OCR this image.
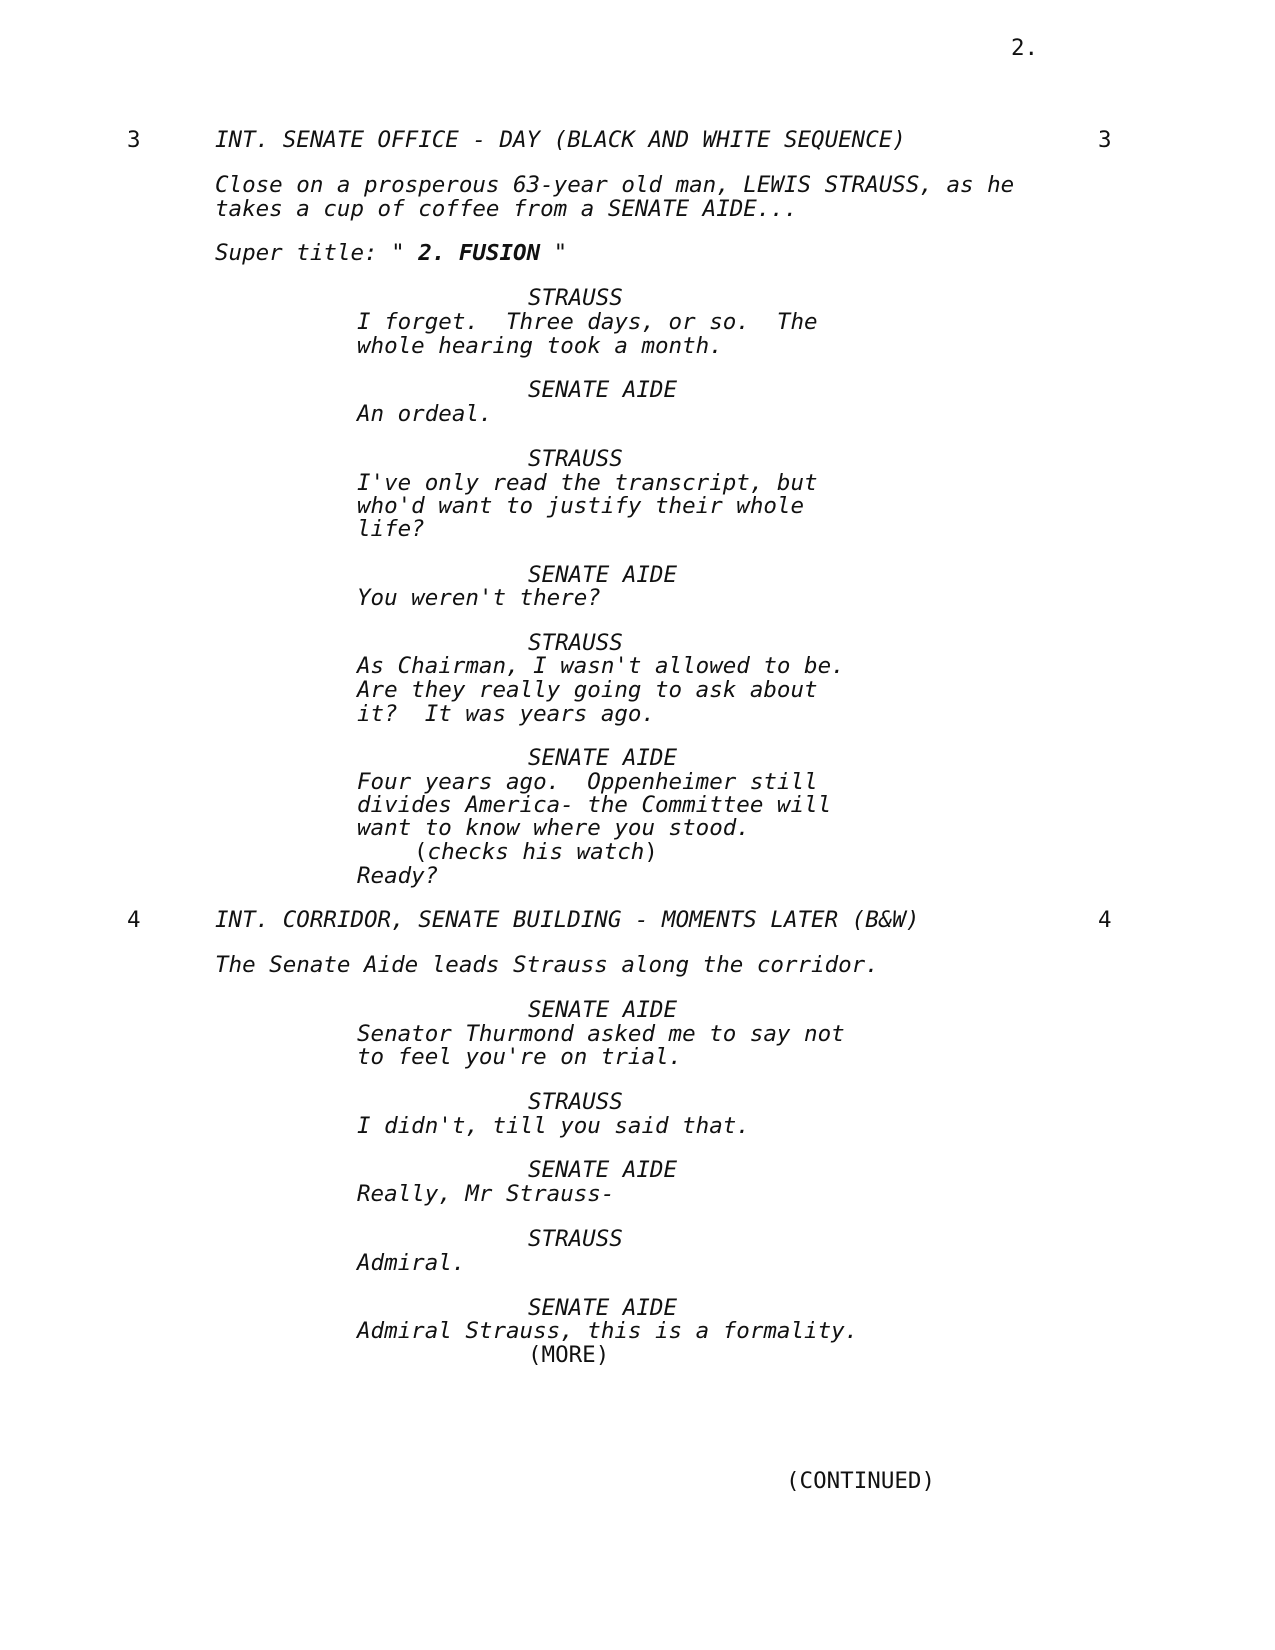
2.
3	INT. SENATE OFFICE - DAY (BLACK AND WHITE SEQUENCE)	3
Close on a prosperous 63-year old man, LEWIS STRAUSS, as he
takes a cup of coffee from a SENATE AIDE...
Super title: " 2. FUSION "
STRAUSS
I forget.  Three days, or so.  The
whole hearing took a month.
SENATE AIDE
An ordeal.
STRAUSS
I've only read the transcript, but
who'd want to justify their whole
life?
SENATE AIDE
You weren't there?
STRAUSS
As Chairman, I wasn't allowed to be.
Are they really going to ask about
it?  It was years ago.
SENATE AIDE
Four years ago.  Oppenheimer still
divides America- the Committee will
want to know where you stood.
(checks his watch)
Ready?
4	INT. CORRIDOR, SENATE BUILDING - MOMENTS LATER (B&W)	4
The Senate Aide leads Strauss along the corridor.
SENATE AIDE
Senator Thurmond asked me to say not
to feel you're on trial.
STRAUSS
I didn't, till you said that.
SENATE AIDE
Really, Mr Strauss-
STRAUSS
Admiral.
SENATE AIDE
Admiral Strauss, this is a formality.
(MORE)
(CONTINUED)
